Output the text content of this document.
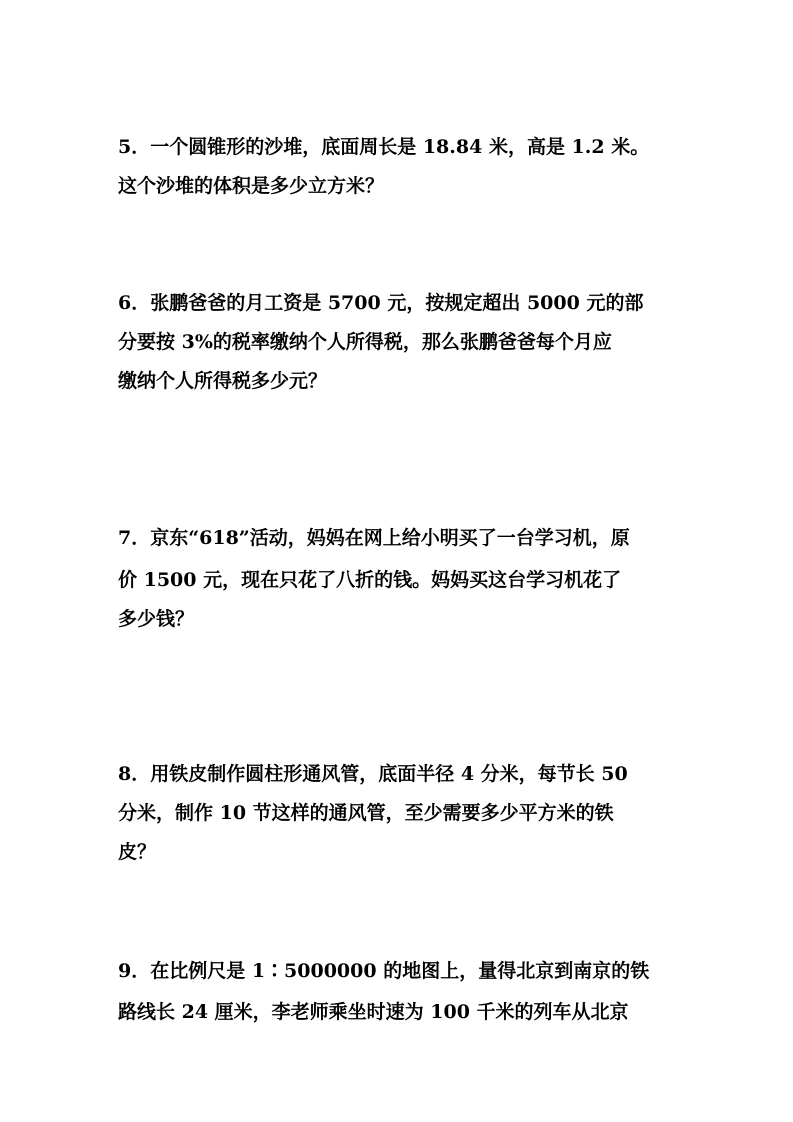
5．一个圆锥形的沙堆，底面周长是 18.84 米，高是 1.2 米。
这个沙堆的体积是多少立方米？
6．张鹏爸爸的月工资是 5700 元，按规定超出 5000 元的部
分要按 3%的税率缴纳个人所得税，那么张鹏爸爸每个月应
缴纳个人所得税多少元？
7．京东“618”活动，妈妈在网上给小明买了一台学习机，原
价 1500 元，现在只花了八折的钱。妈妈买这台学习机花了
多少钱？
8．用铁皮制作圆柱形通风管，底面半径 4 分米，每节长 50
分米，制作 10 节这样的通风管，至少需要多少平方米的铁
皮？
9．在比例尺是 1∶5000000 的地图上，量得北京到南京的铁
路线长 24 厘米，李老师乘坐时速为 100 千米的列车从北京
